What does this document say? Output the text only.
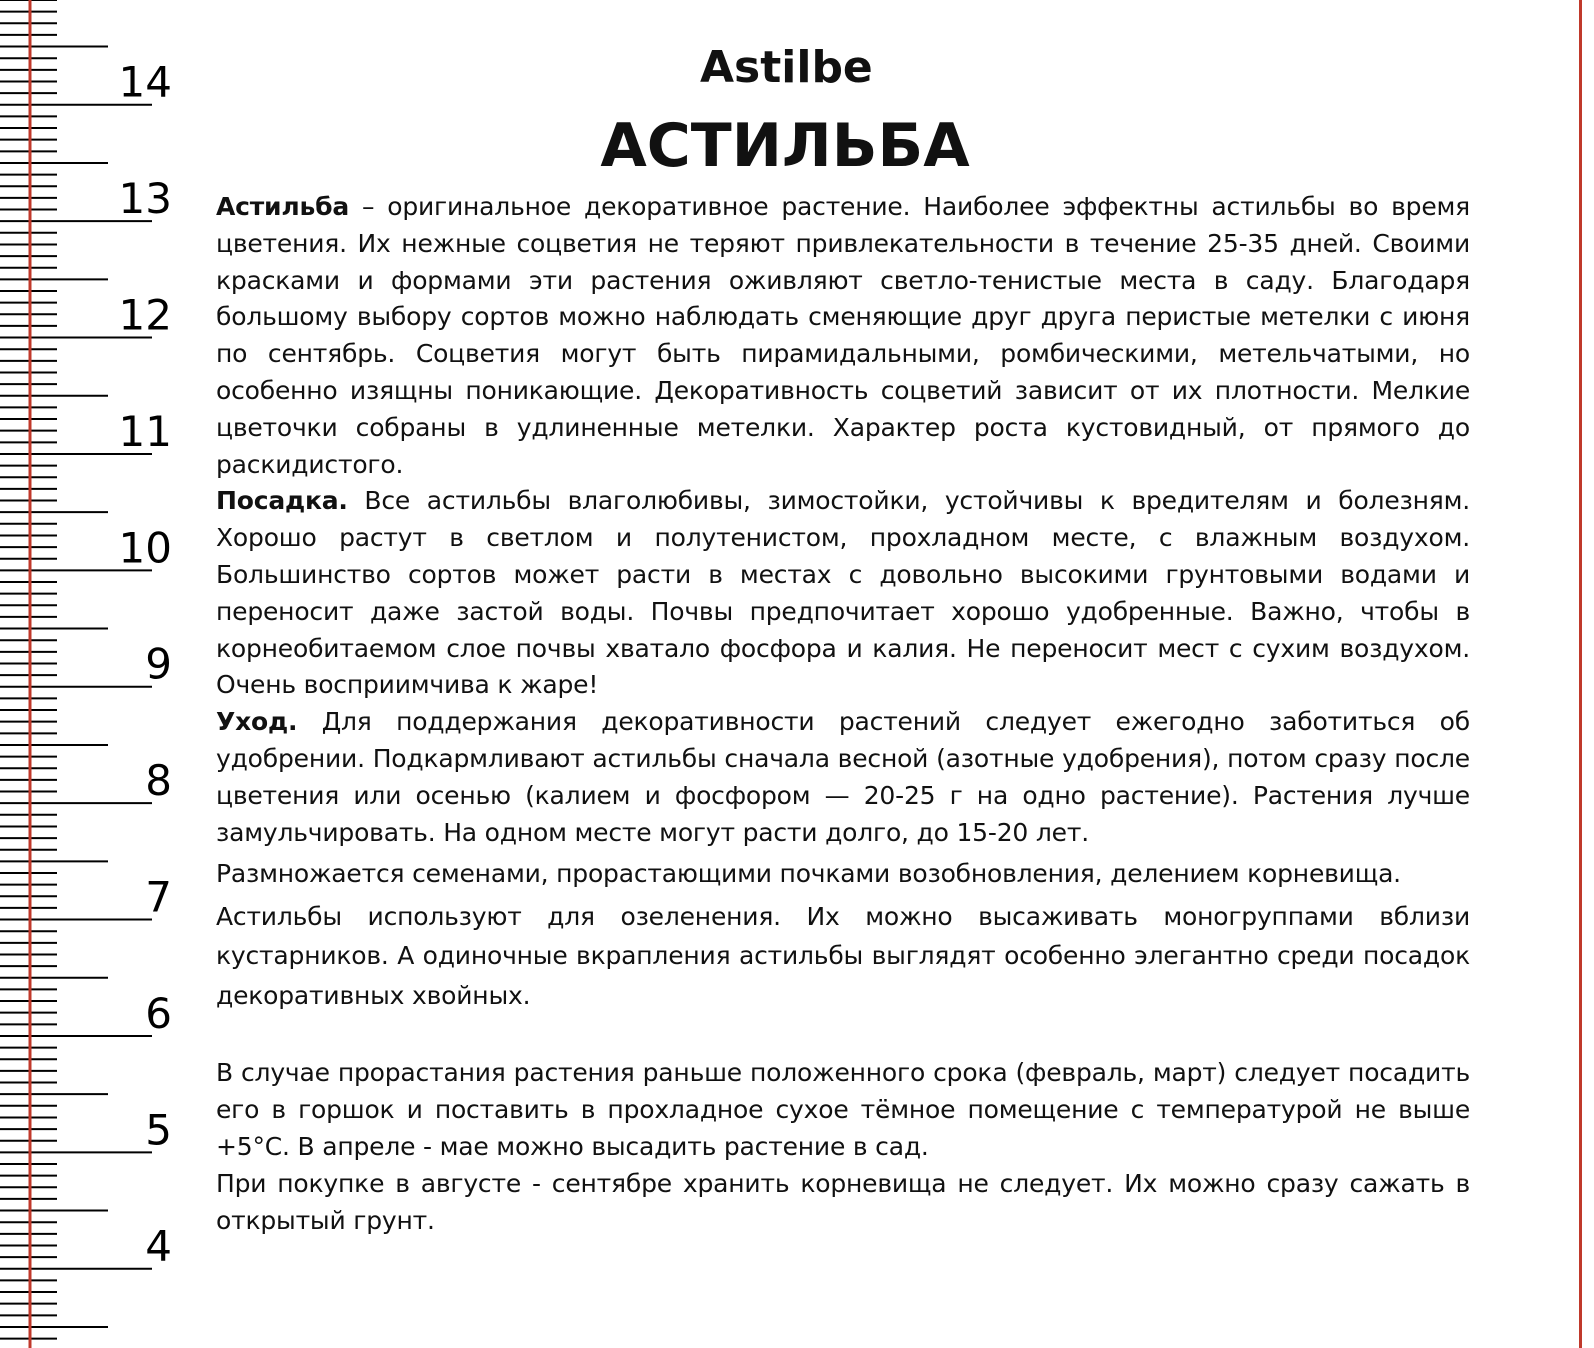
14
13
12
11
10
9
8
7
6
5
4
Astilbe
АСТИЛЬБА

Астильба – оригинальное декоративное растение. Наиболее эффектны астильбы во время цветения. Их нежные соцветия не теряют привлекательности в течение 25-35 дней. Своими красками и формами эти растения оживляют светло-тенистые места в саду. Благодаря большому выбору сортов можно наблюдать сменяющие друг друга перистые метелки с июня по сентябрь. Соцветия могут быть пирамидальными, ромбическими, метельчатыми, но особенно изящны поникающие. Декоративность соцветий зависит от их плотности. Мелкие цветочки собраны в удлиненные метелки. Характер роста кустовидный, от прямого до раскидистого.

Посадка. Все астильбы влаголюбивы, зимостойки, устойчивы к вредителям и болезням. Хорошо растут в светлом и полутенистом, прохладном месте, с влажным воздухом. Большинство сортов может расти в местах с довольно высокими грунтовыми водами и переносит даже застой воды. Почвы предпочитает хорошо удобренные. Важно, чтобы в корнеобитаемом слое почвы хватало фосфора и калия. Не переносит мест с сухим воздухом. Очень восприимчива к жаре!

Уход. Для поддержания декоративности растений следует ежегодно заботиться об удобрении. Подкармливают астильбы сначала весной (азотные удобрения), потом сразу после цветения или осенью (калием и фосфором — 20-25 г на одно растение). Растения лучше замульчировать. На одном месте могут расти долго, до 15-20 лет.

Размножается семенами, прорастающими почками возобновления, делением корневища.

Астильбы используют для озеленения. Их можно высаживать моногруппами вблизи кустарников. А одиночные вкрапления астильбы выглядят особенно элегантно среди посадок декоративных хвойных.

В случае прорастания растения раньше положенного срока (февраль, март) следует посадить его в горшок и поставить в прохладное сухое тёмное помещение с температурой не выше +5°С. В апреле - мае можно высадить растение в сад.

При покупке в августе - сентябре хранить корневища не следует. Их можно сразу сажать в открытый грунт.
